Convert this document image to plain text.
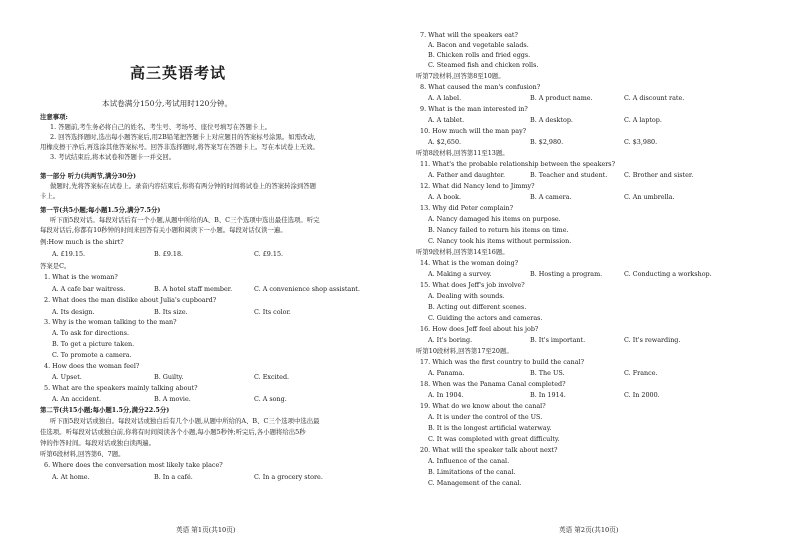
高三英语考试
本试卷满分150分,考试用时120分钟。
注意事项:
1. 答题前,考生务必将自己的姓名、考生号、考场号、座位号填写在答题卡上。
2. 回答选择题时,选出每小题答案后,用2B铅笔把答题卡上对应题目的答案标号涂黑。如需改动,
用橡皮擦干净后,再选涂其他答案标号。回答非选择题时,将答案写在答题卡上。写在本试卷上无效。
3. 考试结束后,将本试卷和答题卡一并交回。
第一部分 听力(共两节,满分30分)
做题时,先将答案标在试卷上。录音内容结束后,你将有两分钟的时间将试卷上的答案转涂到答题
卡上。
第一节(共5小题;每小题1.5分,满分7.5分)
听下面5段对话。每段对话后有一个小题,从题中所给的A、B、C三个选项中选出最佳选项。听完
每段对话后,你都有10秒钟的时间来回答有关小题和阅读下一小题。每段对话仅读一遍。
例:How much is the shirt?
A. £19.15.	B. £9.18.	C. £9.15.
答案是C。
1. What is the woman?
A. A cafe bar waitress.	B. A hotel staff member.	C. A convenience shop assistant.
2. What does the man dislike about Julia's cupboard?
A. Its design.	B. Its size.	C. Its color.
3. Why is the woman talking to the man?
A. To ask for directions.
B. To get a picture taken.
C. To promote a camera.
4. How does the woman feel?
A. Upset.	B. Guilty.	C. Excited.
5. What are the speakers mainly talking about?
A. An accident.	B. A movie.	C. A song.
第二节(共15小题;每小题1.5分,满分22.5分)
听下面5段对话或独白。每段对话或独白后有几个小题,从题中所给的A、B、C三个选项中选出最
佳选项。听每段对话或独白前,你将有时间阅读各个小题,每小题5秒钟;听完后,各小题将给出5秒
钟的作答时间。每段对话或独白读两遍。
听第6段材料,回答第6、7题。
6. Where does the conversation most likely take place?
A. At home.	B. In a café.	C. In a grocery store.
英语 第1页(共10页)
7. What will the speakers eat?
A. Bacon and vegetable salads.
B. Chicken rolls and fried eggs.
C. Steamed fish and chicken rolls.
听第7段材料,回答第8至10题。
8. What caused the man's confusion?
A. A label.	B. A product name.	C. A discount rate.
9. What is the man interested in?
A. A tablet.	B. A desktop.	C. A laptop.
10. How much will the man pay?
A. $2,650.	B. $2,980.	C. $3,980.
听第8段材料,回答第11至13题。
11. What's the probable relationship between the speakers?
A. Father and daughter.	B. Teacher and student.	C. Brother and sister.
12. What did Nancy lend to Jimmy?
A. A book.	B. A camera.	C. An umbrella.
13. Why did Peter complain?
A. Nancy damaged his items on purpose.
B. Nancy failed to return his items on time.
C. Nancy took his items without permission.
听第9段材料,回答第14至16题。
14. What is the woman doing?
A. Making a survey.	B. Hosting a program.	C. Conducting a workshop.
15. What does Jeff's job involve?
A. Dealing with sounds.
B. Acting out different scenes.
C. Guiding the actors and cameras.
16. How does Jeff feel about his job?
A. It's boring.	B. It's important.	C. It's rewarding.
听第10段材料,回答第17至20题。
17. Which was the first country to build the canal?
A. Panama.	B. The US.	C. France.
18. When was the Panama Canal completed?
A. In 1904.	B. In 1914.	C. In 2000.
19. What do we know about the canal?
A. It is under the control of the US.
B. It is the longest artificial waterway.
C. It was completed with great difficulty.
20. What will the speaker talk about next?
A. Influence of the canal.
B. Limitations of the canal.
C. Management of the canal.
英语 第2页(共10页)
